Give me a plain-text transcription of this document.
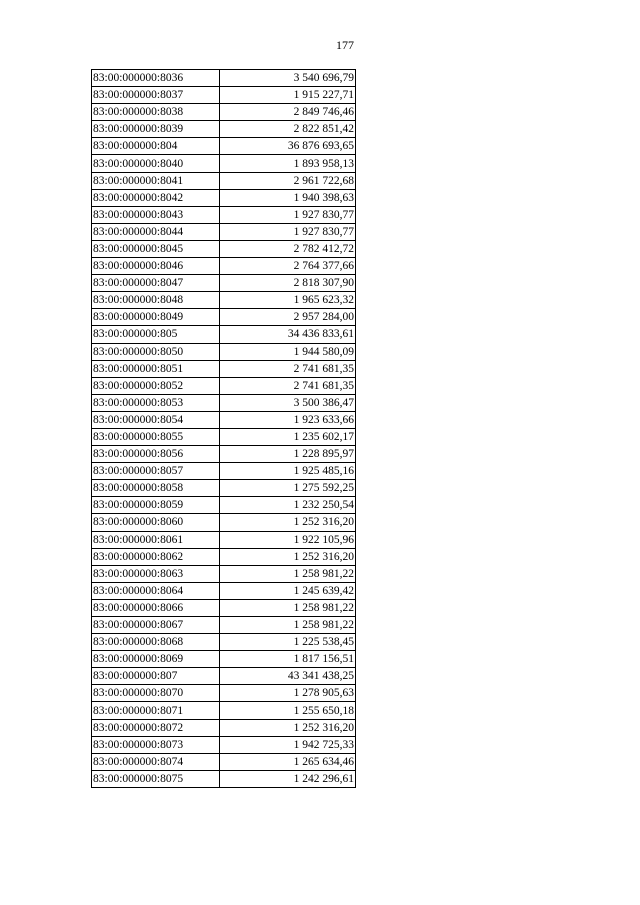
177
83:00:000000:8036	3 540 696,79
83:00:000000:8037	1 915 227,71
83:00:000000:8038	2 849 746,46
83:00:000000:8039	2 822 851,42
83:00:000000:804	36 876 693,65
83:00:000000:8040	1 893 958,13
83:00:000000:8041	2 961 722,68
83:00:000000:8042	1 940 398,63
83:00:000000:8043	1 927 830,77
83:00:000000:8044	1 927 830,77
83:00:000000:8045	2 782 412,72
83:00:000000:8046	2 764 377,66
83:00:000000:8047	2 818 307,90
83:00:000000:8048	1 965 623,32
83:00:000000:8049	2 957 284,00
83:00:000000:805	34 436 833,61
83:00:000000:8050	1 944 580,09
83:00:000000:8051	2 741 681,35
83:00:000000:8052	2 741 681,35
83:00:000000:8053	3 500 386,47
83:00:000000:8054	1 923 633,66
83:00:000000:8055	1 235 602,17
83:00:000000:8056	1 228 895,97
83:00:000000:8057	1 925 485,16
83:00:000000:8058	1 275 592,25
83:00:000000:8059	1 232 250,54
83:00:000000:8060	1 252 316,20
83:00:000000:8061	1 922 105,96
83:00:000000:8062	1 252 316,20
83:00:000000:8063	1 258 981,22
83:00:000000:8064	1 245 639,42
83:00:000000:8066	1 258 981,22
83:00:000000:8067	1 258 981,22
83:00:000000:8068	1 225 538,45
83:00:000000:8069	1 817 156,51
83:00:000000:807	43 341 438,25
83:00:000000:8070	1 278 905,63
83:00:000000:8071	1 255 650,18
83:00:000000:8072	1 252 316,20
83:00:000000:8073	1 942 725,33
83:00:000000:8074	1 265 634,46
83:00:000000:8075	1 242 296,61
